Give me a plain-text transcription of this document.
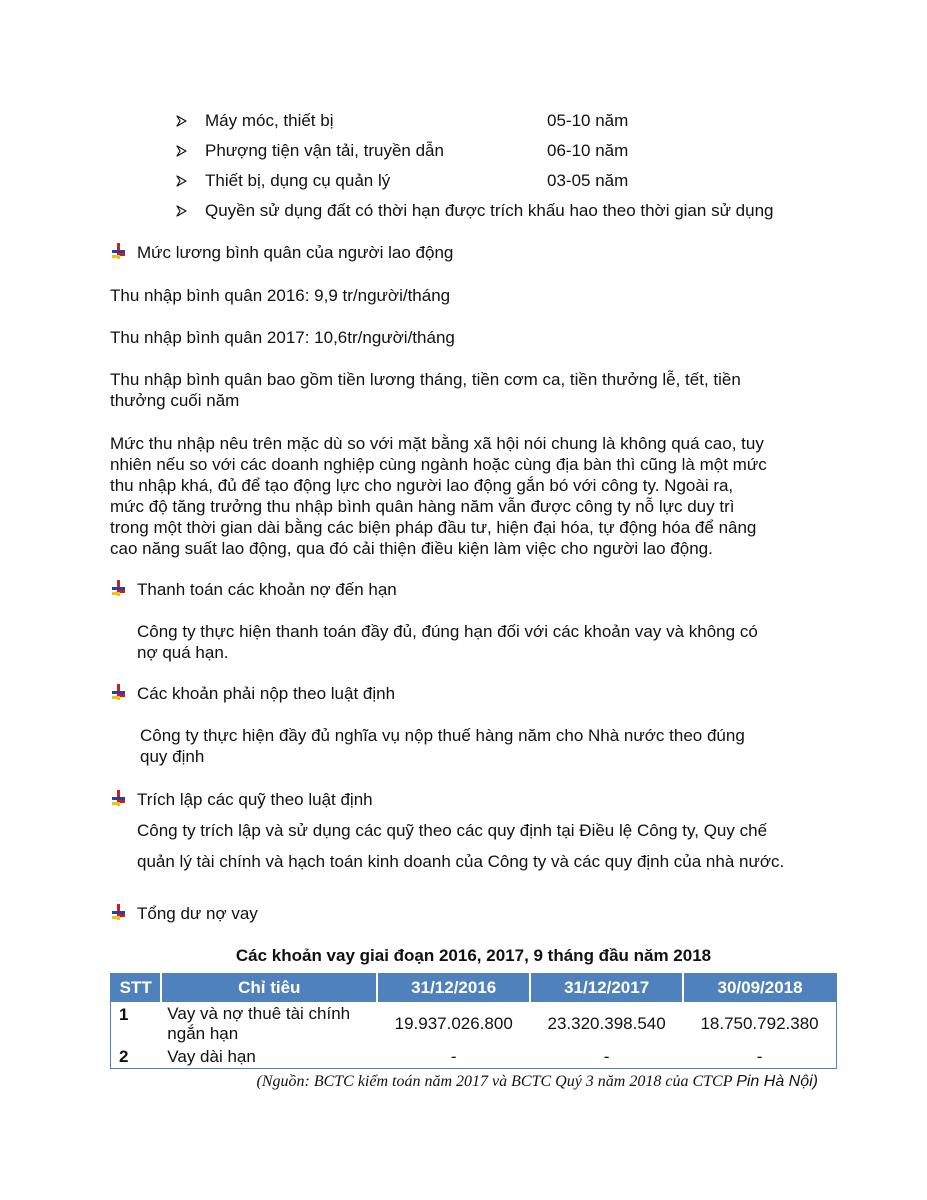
Máy móc, thiết bị	05-10 năm
Phượng tiện vận tải, truyền dẫn	06-10 năm
Thiết bị, dụng cụ quản lý	03-05 năm
Quyền sử dụng đất có thời hạn được trích khấu hao theo thời gian sử dụng
Mức lương bình quân của người lao động
Thu nhập bình quân 2016: 9,9 tr/người/tháng
Thu nhập bình quân 2017: 10,6tr/người/tháng
Thu nhập bình quân bao gồm tiền lương tháng, tiền cơm ca, tiền thưởng lễ, tết, tiền
thưởng cuối năm
Mức thu nhập nêu trên mặc dù so với mặt bằng xã hội nói chung là không quá cao, tuy
nhiên nếu so với các doanh nghiệp cùng ngành hoặc cùng địa bàn thì cũng là một mức
thu nhập khá, đủ để tạo động lực cho người lao động gắn bó với công ty. Ngoài ra,
mức độ tăng trưởng thu nhập bình quân hàng năm vẫn được công ty nỗ lực duy trì
trong một thời gian dài bằng các biện pháp đầu tư, hiện đại hóa, tự động hóa để nâng
cao năng suất lao động, qua đó cải thiện điều kiện làm việc cho người lao động.
Thanh toán các khoản nợ đến hạn
Công ty thực hiện thanh toán đầy đủ, đúng hạn đối với các khoản vay và không có
nợ quá hạn.
Các khoản phải nộp theo luật định
Công ty thực hiện đầy đủ nghĩa vụ nộp thuế hàng năm cho Nhà nước theo đúng
quy định
Trích lập các quỹ theo luật định
Công ty trích lập và sử dụng các quỹ theo các quy định tại Điều lệ Công ty, Quy chế
quản lý tài chính và hạch toán kinh doanh của Công ty và các quy định của nhà nước.
Tổng dư nợ vay
Các khoản vay giai đoạn 2016, 2017, 9 tháng đầu năm 2018
STT	Chỉ tiêu	31/12/2016	31/12/2017	30/09/2018
1	Vay và nợ thuê tài chính ngắn hạn	19.937.026.800	23.320.398.540	18.750.792.380
2	Vay dài hạn	-	-	-
(Nguồn: BCTC kiểm toán năm 2017 và BCTC Quý 3 năm 2018 của CTCP Pin Hà Nội)
